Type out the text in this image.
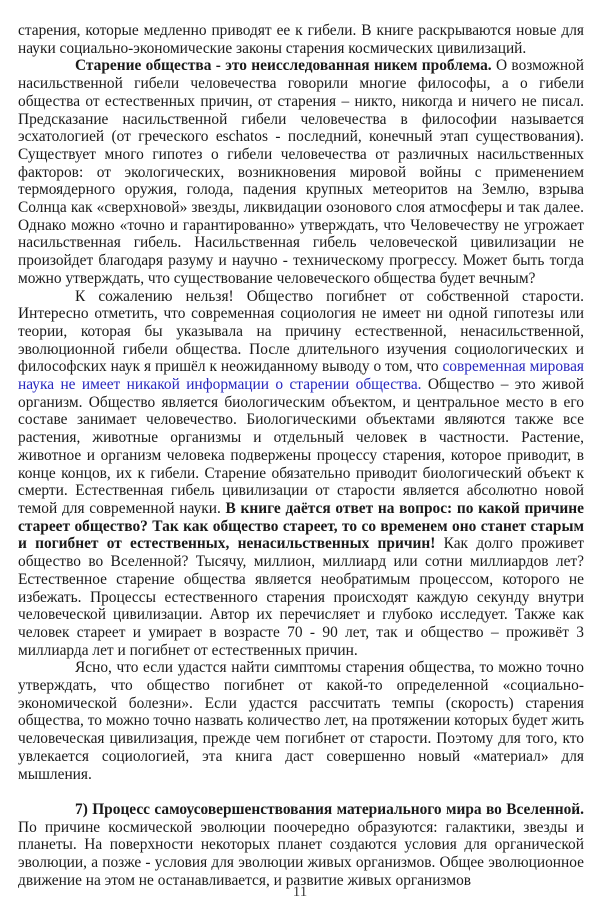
старения, которые медленно приводят ее к гибели. В книге раскрываются новые для науки социально-экономические законы старения космических цивилизаций.

Старение общества - это неисследованная никем проблема. О возможной насильственной гибели человечества говорили многие философы, а о гибели общества от естественных причин, от старения – никто, никогда и ничего не писал. Предсказание насильственной гибели человечества в философии называется эсхатологией (от греческого eschatos - последний, конечный этап существования). Существует много гипотез о гибели человечества от различных насильственных факторов: от экологических, возникновения мировой войны с применением термоядерного оружия, голода, падения крупных метеоритов на Землю, взрыва Солнца как «сверхновой» звезды, ликвидации озонового слоя атмосферы и так далее. Однако можно «точно и гарантированно» утверждать, что Человечеству не угрожает насильственная гибель. Насильственная гибель человеческой цивилизации не произойдет благодаря разуму и научно - техническому прогрессу. Может быть тогда можно утверждать, что существование человеческого общества будет вечным?

К сожалению нельзя! Общество погибнет от собственной старости. Интересно отметить, что современная социология не имеет ни одной гипотезы или теории, которая бы указывала на причину естественной, ненасильственной, эволюционной гибели общества. После длительного изучения социологических и философских наук я пришёл к неожиданному выводу о том, что современная мировая наука не имеет никакой информации о старении общества. Общество – это живой организм. Общество является биологическим объектом, и центральное место в его составе занимает человечество. Биологическими объектами являются также все растения, животные организмы и отдельный человек в частности. Растение, животное и организм человека подвержены процессу старения, которое приводит, в конце концов, их к гибели. Старение обязательно приводит биологический объект к смерти. Естественная гибель цивилизации от старости является абсолютно новой темой для современной науки. В книге даётся ответ на вопрос: по какой причине стареет общество? Так как общество стареет, то со временем оно станет старым и погибнет от естественных, ненасильственных причин! Как долго проживет общество во Вселенной? Тысячу, миллион, миллиард или сотни миллиардов лет? Естественное старение общества является необратимым процессом, которого не избежать. Процессы естественного старения происходят каждую секунду внутри человеческой цивилизации. Автор их перечисляет и глубоко исследует. Также как человек стареет и умирает в возрасте 70 - 90 лет, так и общество – проживёт 3 миллиарда лет и погибнет от естественных причин.

Ясно, что если удастся найти симптомы старения общества, то можно точно утверждать, что общество погибнет от какой-то определенной «социально-экономической болезни». Если удастся рассчитать темпы (скорость) старения общества, то можно точно назвать количество лет, на протяжении которых будет жить человеческая цивилизация, прежде чем погибнет от старости. Поэтому для того, кто увлекается социологией, эта книга даст совершенно новый «материал» для мышления.

7) Процесс самоусовершенствования материального мира во Вселенной. По причине космической эволюции поочередно образуются: галактики, звезды и планеты. На поверхности некоторых планет создаются условия для органической эволюции, а позже - условия для эволюции живых организмов. Общее эволюционное движение на этом не останавливается, и развитие живых организмов

11
